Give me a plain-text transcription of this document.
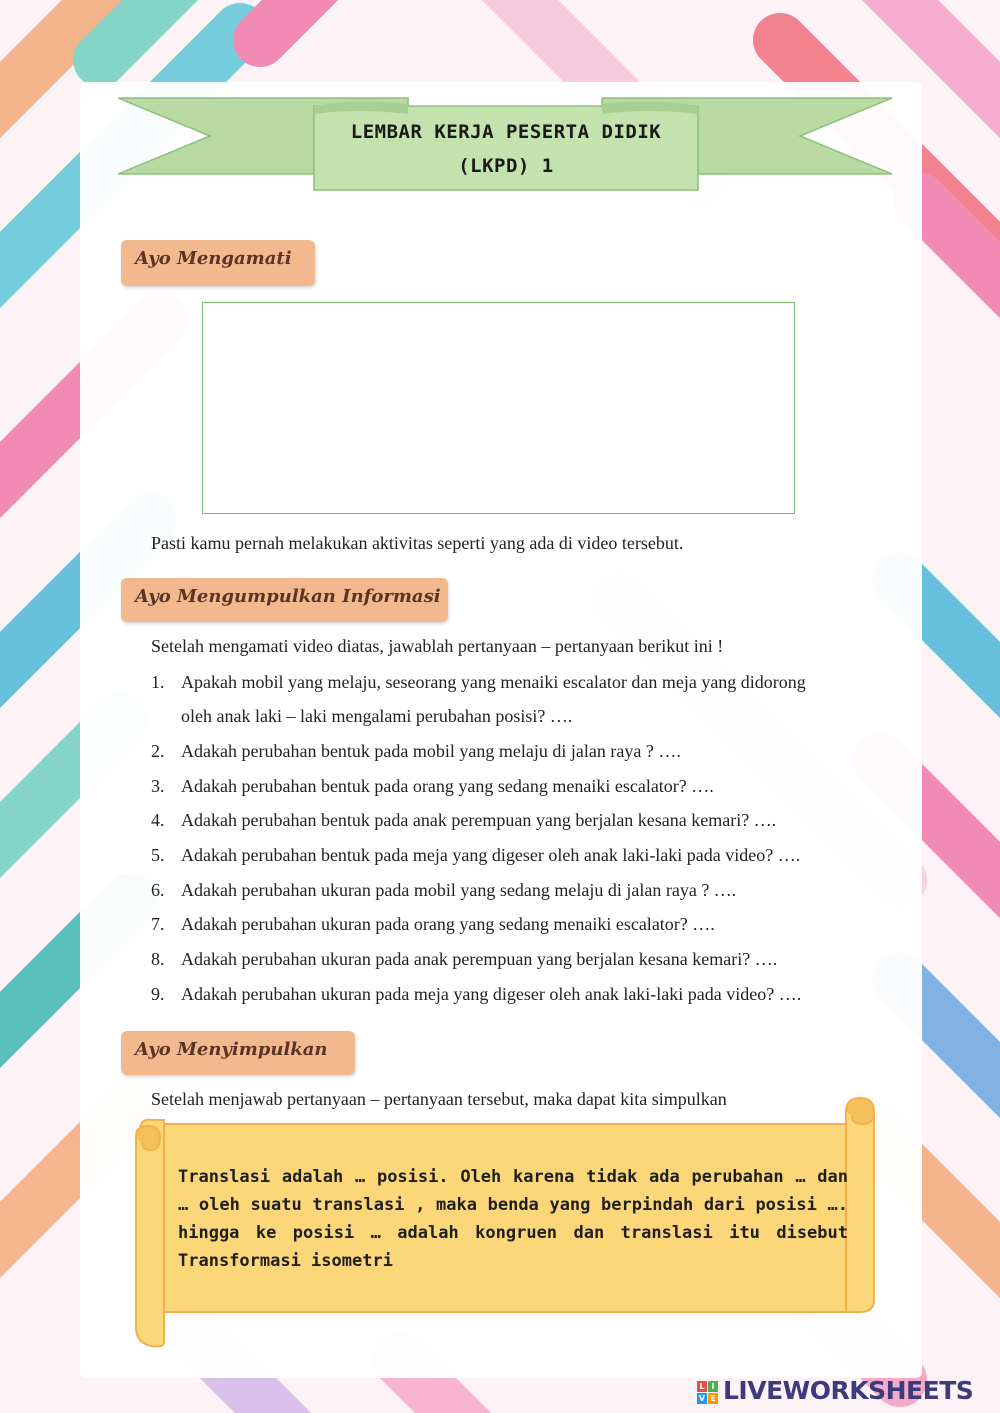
LEMBAR KERJA PESERTA DIDIK
(LKPD) 1
Ayo Mengamati
Pasti kamu pernah melakukan aktivitas seperti yang ada di video tersebut.
Ayo Mengumpulkan Informasi
Setelah mengamati video diatas, jawablah pertanyaan – pertanyaan berikut ini !
1. Apakah mobil yang melaju, seseorang yang menaiki escalator dan meja yang didorong
oleh anak laki – laki mengalami perubahan posisi? ….
2. Adakah perubahan bentuk pada mobil yang melaju di jalan raya ? ….
3. Adakah perubahan bentuk pada orang yang sedang menaiki escalator? ….
4. Adakah perubahan bentuk pada anak perempuan yang berjalan kesana kemari? ….
5. Adakah perubahan bentuk pada meja yang digeser oleh anak laki-laki pada video? ….
6. Adakah perubahan ukuran pada mobil yang sedang melaju di jalan raya ? ….
7. Adakah perubahan ukuran pada orang yang sedang menaiki escalator? ….
8. Adakah perubahan ukuran pada anak perempuan yang berjalan kesana kemari? ….
9. Adakah perubahan ukuran pada meja yang digeser oleh anak laki-laki pada video? ….
Ayo Menyimpulkan
Setelah menjawab pertanyaan – pertanyaan tersebut, maka dapat kita simpulkan
Translasi adalah … posisi. Oleh karena tidak ada perubahan … dan … oleh suatu translasi , maka benda yang berpindah dari posisi …. hingga ke posisi … adalah kongruen dan translasi itu disebut Transformasi isometri
L I
V E LIVEWORKSHEETS
